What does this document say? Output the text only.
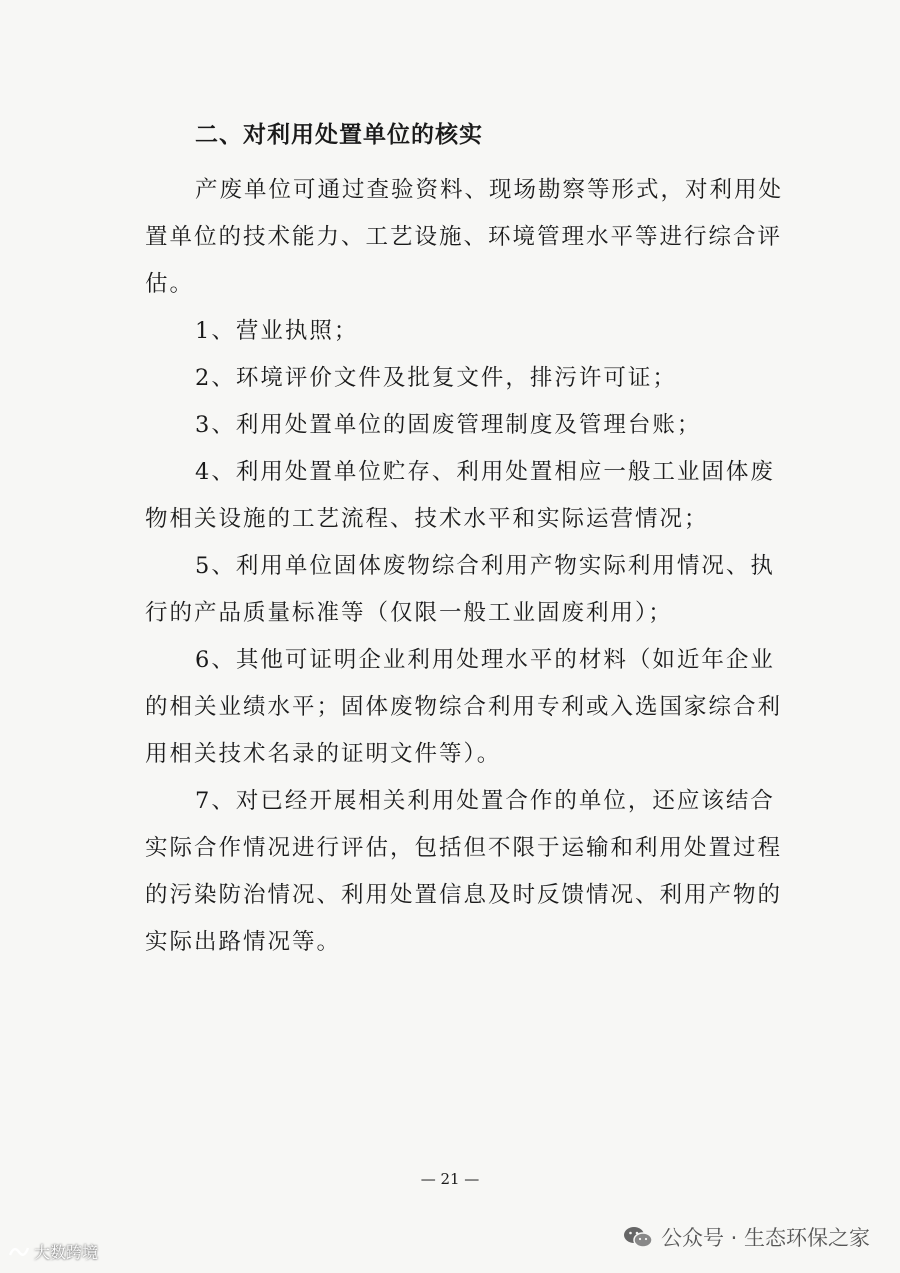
二、对利用处置单位的核实
产废单位可通过查验资料、现场勘察等形式，对利用处
置单位的技术能力、工艺设施、环境管理水平等进行综合评
估。
1、营业执照；
2、环境评价文件及批复文件，排污许可证；
3、利用处置单位的固废管理制度及管理台账；
4、利用处置单位贮存、利用处置相应一般工业固体废
物相关设施的工艺流程、技术水平和实际运营情况；
5、利用单位固体废物综合利用产物实际利用情况、执
行的产品质量标准等（仅限一般工业固废利用）；
6、其他可证明企业利用处理水平的材料（如近年企业
的相关业绩水平；固体废物综合利用专利或入选国家综合利
用相关技术名录的证明文件等）。
7、对已经开展相关利用处置合作的单位，还应该结合
实际合作情况进行评估，包括但不限于运输和利用处置过程
的污染防治情况、利用处置信息及时反馈情况、利用产物的
实际出路情况等。
— 21 —
公众号 · 生态环保之家
大数跨境
